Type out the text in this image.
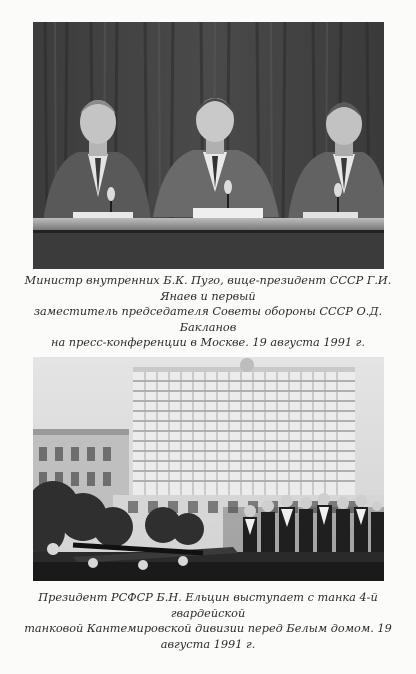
Министр внутренних Б.К. Пуго, вице-президент СССР Г.И. Янаев и первый
заместитель председателя Советы обороны СССР О.Д. Бакланов
на пресс-конференции в Москве. 19 августа 1991 г.

Президент РСФСР Б.Н. Ельцин выступает с танка 4-й гвардейской
танковой Кантемировской дивизии перед Белым домом. 19 августа 1991 г.
